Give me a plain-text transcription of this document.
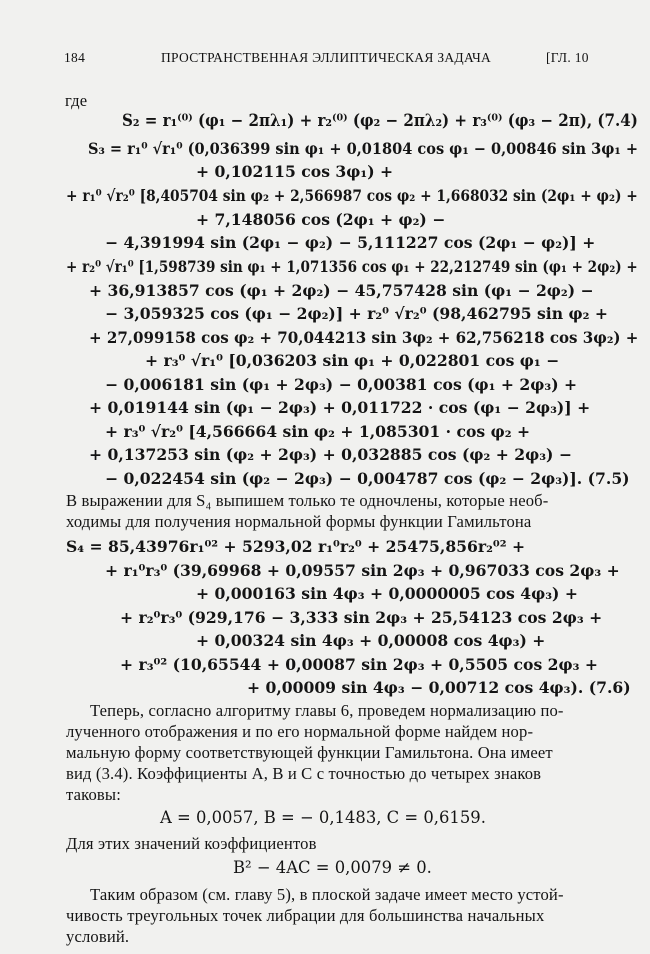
184	ПРОСТРАНСТВЕННАЯ ЭЛЛИПТИЧЕСКАЯ ЗАДАЧА	[ГЛ. 10
где
S₂ = r₁⁽⁰⁾ (φ₁ − 2πλ₁) + r₂⁽⁰⁾ (φ₂ − 2πλ₂) + r₃⁽⁰⁾ (φ₃ − 2π), (7.4)
S₃ = r₁⁰ √r₁⁰ (0,036399 sin φ₁ + 0,01804 cos φ₁ − 0,00846 sin 3φ₁ +
+ 0,102115 cos 3φ₁) +
+ r₁⁰ √r₂⁰ [8,405704 sin φ₂ + 2,566987 cos φ₂ + 1,668032 sin (2φ₁ + φ₂) +
+ 7,148056 cos (2φ₁ + φ₂) −
− 4,391994 sin (2φ₁ − φ₂) − 5,111227 cos (2φ₁ − φ₂)] +
+ r₂⁰ √r₁⁰ [1,598739 sin φ₁ + 1,071356 cos φ₁ + 22,212749 sin (φ₁ + 2φ₂) +
+ 36,913857 cos (φ₁ + 2φ₂) − 45,757428 sin (φ₁ − 2φ₂) −
− 3,059325 cos (φ₁ − 2φ₂)] + r₂⁰ √r₂⁰ (98,462795 sin φ₂ +
+ 27,099158 cos φ₂ + 70,044213 sin 3φ₂ + 62,756218 cos 3φ₂) +
+ r₃⁰ √r₁⁰ [0,036203 sin φ₁ + 0,022801 cos φ₁ −
− 0,006181 sin (φ₁ + 2φ₃) − 0,00381 cos (φ₁ + 2φ₃) +
+ 0,019144 sin (φ₁ − 2φ₃) + 0,011722 · cos (φ₁ − 2φ₃)] +
+ r₃⁰ √r₂⁰ [4,566664 sin φ₂ + 1,085301 · cos φ₂ +
+ 0,137253 sin (φ₂ + 2φ₃) + 0,032885 cos (φ₂ + 2φ₃) −
− 0,022454 sin (φ₂ − 2φ₃) − 0,004787 cos (φ₂ − 2φ₃)]. (7.5)
В выражении для S₄ выпишем только те одночлены, которые необ-
ходимы для получения нормальной формы функции Гамильтона
S₄ = 85,43976r₁⁰² + 5293,02 r₁⁰r₂⁰ + 25475,856r₂⁰² +
+ r₁⁰r₃⁰ (39,69968 + 0,09557 sin 2φ₃ + 0,967033 cos 2φ₃ +
+ 0,000163 sin 4φ₃ + 0,0000005 cos 4φ₃) +
+ r₂⁰r₃⁰ (929,176 − 3,333 sin 2φ₃ + 25,54123 cos 2φ₃ +
+ 0,00324 sin 4φ₃ + 0,00008 cos 4φ₃) +
+ r₃⁰² (10,65544 + 0,00087 sin 2φ₃ + 0,5505 cos 2φ₃ +
+ 0,00009 sin 4φ₃ − 0,00712 cos 4φ₃). (7.6)
Теперь, согласно алгоритму главы 6, проведем нормализацию по-
лученного отображения и по его нормальной форме найдем нор-
мальную форму соответствующей функции Гамильтона. Она имеет
вид (3.4). Коэффициенты A, B и C с точностью до четырех знаков
таковы:
A = 0,0057, B = − 0,1483, C = 0,6159.
Для этих значений коэффициентов
B² − 4AC = 0,0079 ≠ 0.
Таким образом (см. главу 5), в плоской задаче имеет место устой-
чивость треугольных точек либрации для большинства начальных
условий.
